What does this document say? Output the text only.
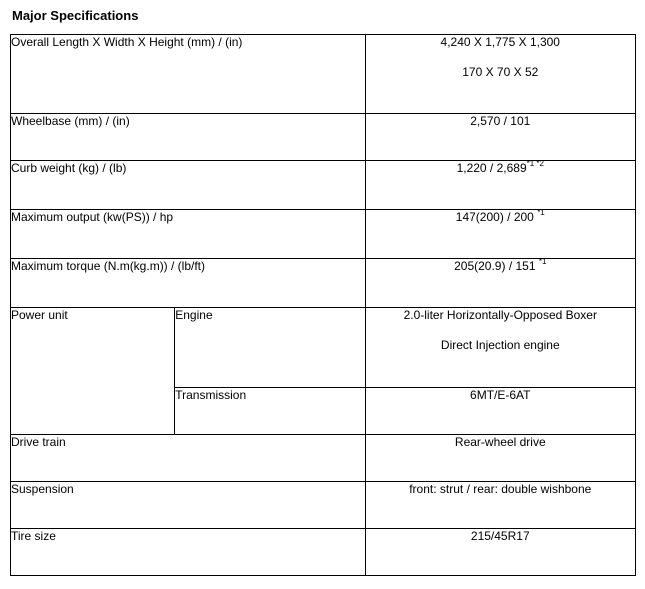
Major Specifications
Overall Length X Width X Height (mm) / (in)		4,240 X 1,775 X 1,300
170 X 70 X 52

Wheelbase (mm) / (in)		2,570 / 101
Curb weight (kg) / (lb)		$1,220 / 2,689^{*1 *2}$
Maximum output (kw(PS)) / hp		147(200) / 200 $^{*1}$
Maximum torque (N.m(kg.m)) / (lb/ft)		205(20.9) / 151 $^{*1}$
Power unit	Engine	2.0-liter Horizontally-Opposed Boxer
Direct Injection engine

	Transmission	6MT/E-6AT
Drive train		Rear-wheel drive
Suspension		front: strut / rear: double wishbone
Tire size		215/45R17
